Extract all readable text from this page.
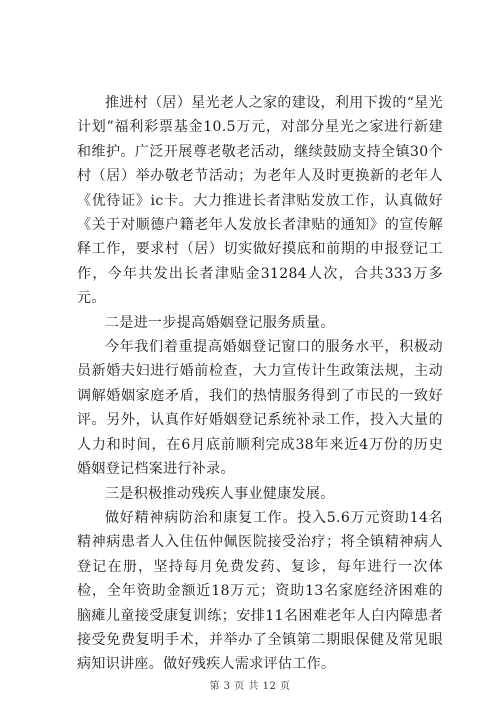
推进村（居）星光老人之家的建设，利用下拨的“星光计划”福利彩票基金10.5万元，对部分星光之家进行新建和维护。广泛开展尊老敬老活动，继续鼓励支持全镇30个村（居）举办敬老节活动；为老年人及时更换新的老年人《优待证》ic卡。大力推进长者津贴发放工作，认真做好《关于对顺德户籍老年人发放长者津贴的通知》的宣传解释工作，要求村（居）切实做好摸底和前期的申报登记工作，今年共发出长者津贴金31284人次，合共333万多元。

二是进一步提高婚姻登记服务质量。

今年我们着重提高婚姻登记窗口的服务水平，积极动员新婚夫妇进行婚前检查，大力宣传计生政策法规，主动调解婚姻家庭矛盾，我们的热情服务得到了市民的一致好评。另外，认真作好婚姻登记系统补录工作，投入大量的人力和时间，在6月底前顺利完成38年来近4万份的历史婚姻登记档案进行补录。

三是积极推动残疾人事业健康发展。

做好精神病防治和康复工作。投入5.6万元资助14名精神病患者人入住伍仲佩医院接受治疗；将全镇精神病人登记在册，坚持每月免费发药、复诊，每年进行一次体检，全年资助金额近18万元；资助13名家庭经济困难的脑瘫儿童接受康复训练；安排11名困难老年人白内障患者接受免费复明手术，并举办了全镇第二期眼保健及常见眼病知识讲座。做好残疾人需求评估工作。

第 3 页 共 12 页
